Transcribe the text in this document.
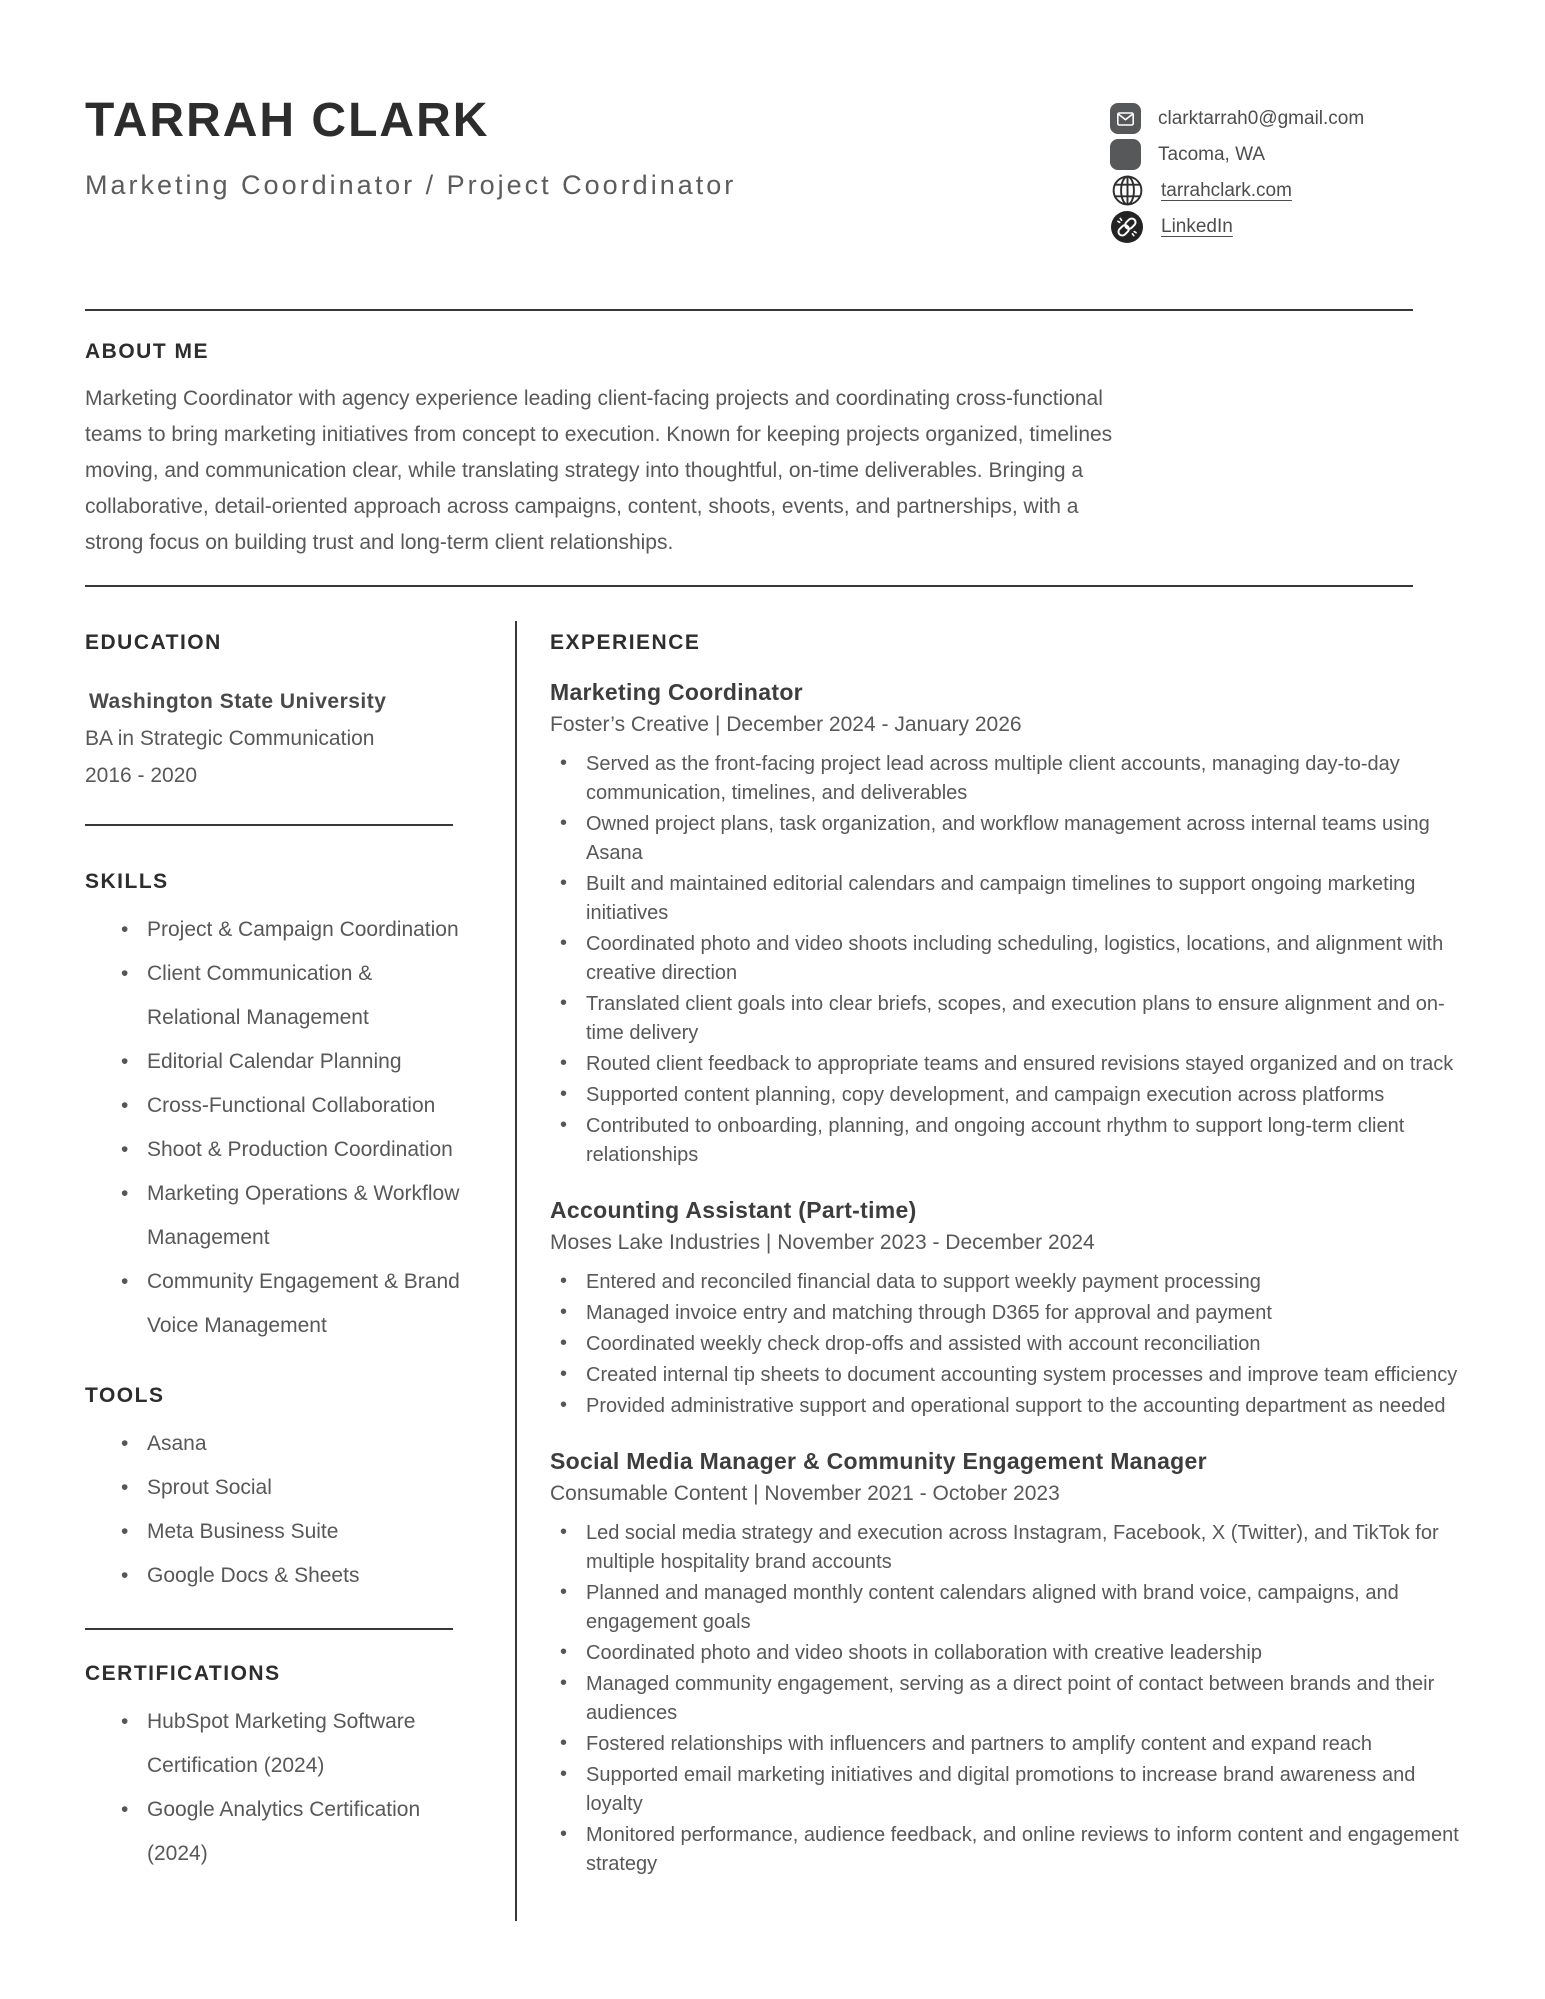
TARRAH CLARK
Marketing Coordinator / Project Coordinator
clarktarrah0@gmail.com
Tacoma, WA
tarrahclark.com
LinkedIn
ABOUT ME

Marketing Coordinator with agency experience leading client-facing projects and coordinating cross-functional teams to bring marketing initiatives from concept to execution. Known for keeping projects organized, timelines moving, and communication clear, while translating strategy into thoughtful, on-time deliverables. Bringing a collaborative, detail-oriented approach across campaigns, content, shoots, events, and partnerships, with a strong focus on building trust and long-term client relationships.

EDUCATION
Washington State University
BA in Strategic Communication
2016 - 2020
SKILLS
• Project & Campaign Coordination
• Client Communication & Relational Management
• Editorial Calendar Planning
• Cross-Functional Collaboration
• Shoot & Production Coordination
• Marketing Operations & Workflow Management
• Community Engagement & Brand Voice Management
TOOLS
• Asana
• Sprout Social
• Meta Business Suite
• Google Docs & Sheets
CERTIFICATIONS
• HubSpot Marketing Software Certification (2024)
• Google Analytics Certification (2024)
EXPERIENCE
Marketing Coordinator
Foster’s Creative | December 2024 - January 2026
• Served as the front-facing project lead across multiple client accounts, managing day-to-day communication, timelines, and deliverables
• Owned project plans, task organization, and workflow management across internal teams using Asana
• Built and maintained editorial calendars and campaign timelines to support ongoing marketing initiatives
• Coordinated photo and video shoots including scheduling, logistics, locations, and alignment with creative direction
• Translated client goals into clear briefs, scopes, and execution plans to ensure alignment and on-time delivery
• Routed client feedback to appropriate teams and ensured revisions stayed organized and on track
• Supported content planning, copy development, and campaign execution across platforms
• Contributed to onboarding, planning, and ongoing account rhythm to support long-term client relationships
Accounting Assistant (Part-time)
Moses Lake Industries | November 2023 - December 2024
• Entered and reconciled financial data to support weekly payment processing
• Managed invoice entry and matching through D365 for approval and payment
• Coordinated weekly check drop-offs and assisted with account reconciliation
• Created internal tip sheets to document accounting system processes and improve team efficiency
• Provided administrative support and operational support to the accounting department as needed
Social Media Manager & Community Engagement Manager
Consumable Content | November 2021 - October 2023
• Led social media strategy and execution across Instagram, Facebook, X (Twitter), and TikTok for multiple hospitality brand accounts
• Planned and managed monthly content calendars aligned with brand voice, campaigns, and engagement goals
• Coordinated photo and video shoots in collaboration with creative leadership
• Managed community engagement, serving as a direct point of contact between brands and their audiences
• Fostered relationships with influencers and partners to amplify content and expand reach
• Supported email marketing initiatives and digital promotions to increase brand awareness and loyalty
• Monitored performance, audience feedback, and online reviews to inform content and engagement strategy
